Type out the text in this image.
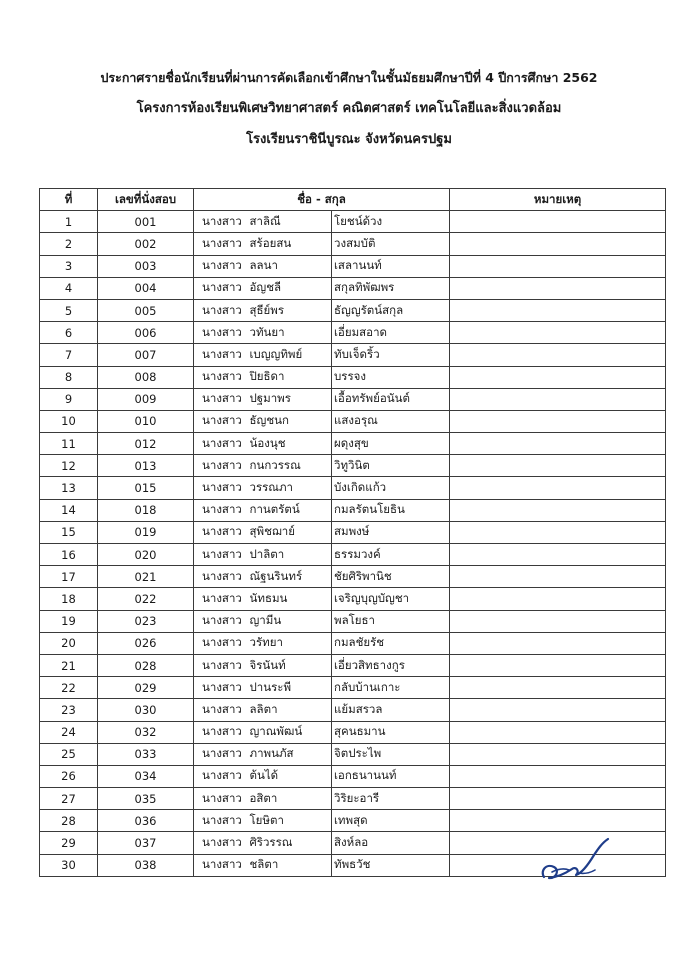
ประกาศรายชื่อนักเรียนที่ผ่านการคัดเลือกเข้าศึกษาในชั้นมัธยมศึกษาปีที่ 4 ปีการศึกษา 2562
โครงการห้องเรียนพิเศษวิทยาศาสตร์ คณิตศาสตร์ เทคโนโลยีและสิ่งแวดล้อม
โรงเรียนราชินีบูรณะ จังหวัดนครปฐม
ที่	เลขที่นั่งสอบ	ชื่อ - สกุล			หมายเหตุ
1	001	นางสาว	สาลิณี	โยชน์ด้วง	
2	002	นางสาว	สร้อยสน	วงสมบัติ	
3	003	นางสาว	ลลนา	เสลานนท์	
4	004	นางสาว	อัญชลี	สกุลทิพัฒพร	
5	005	นางสาว	สุธีย์พร	ธัญญรัตน์สกุล	
6	006	นางสาว	วทันยา	เอี่ยมสอาด	
7	007	นางสาว	เบญญทิพย์	ทับเจ็ดริ้ว	
8	008	นางสาว	ปิยธิดา	บรรจง	
9	009	นางสาว	ปฐมาพร	เอื้อทรัพย์อนันต์	
10	010	นางสาว	ธัญชนก	แสงอรุณ	
11	012	นางสาว	น้องนุช	ผดุงสุข	
12	013	นางสาว	กนกวรรณ	วิทูวินิต	
13	015	นางสาว	วรรณภา	บังเกิดแก้ว	
14	018	นางสาว	กานตรัตน์	กมลรัตนโยธิน	
15	019	นางสาว	สุพิชฌาย์	สมพงษ์	
16	020	นางสาว	ปาลิตา	ธรรมวงค์	
17	021	นางสาว	ณัฐนรินทร์	ชัยศิริพานิช	
18	022	นางสาว	นัทธมน	เจริญบุญบัญชา	
19	023	นางสาว	ญามีน	พลโยธา	
20	026	นางสาว	วรัทยา	กมลชัยรัช	
21	028	นางสาว	จิรนันท์	เอี่ยวสิทธางกูร	
22	029	นางสาว	ปานระพี	กลับบ้านเกาะ	
23	030	นางสาว	ลลิตา	แย้มสรวล	
24	032	นางสาว	ญาณพัฒน์	สุคนธมาน	
25	033	นางสาว	ภาพนภัส	จิตประไพ	
26	034	นางสาว	ต้นได้	เอกธนานนท์	
27	035	นางสาว	อสิตา	วิริยะอารี	
28	036	นางสาว	โยษิตา	เทพสุด	
29	037	นางสาว	ศิริวรรณ	สิงห์ลอ	
30	038	นางสาว	ชลิตา	ทัพธวัช	
